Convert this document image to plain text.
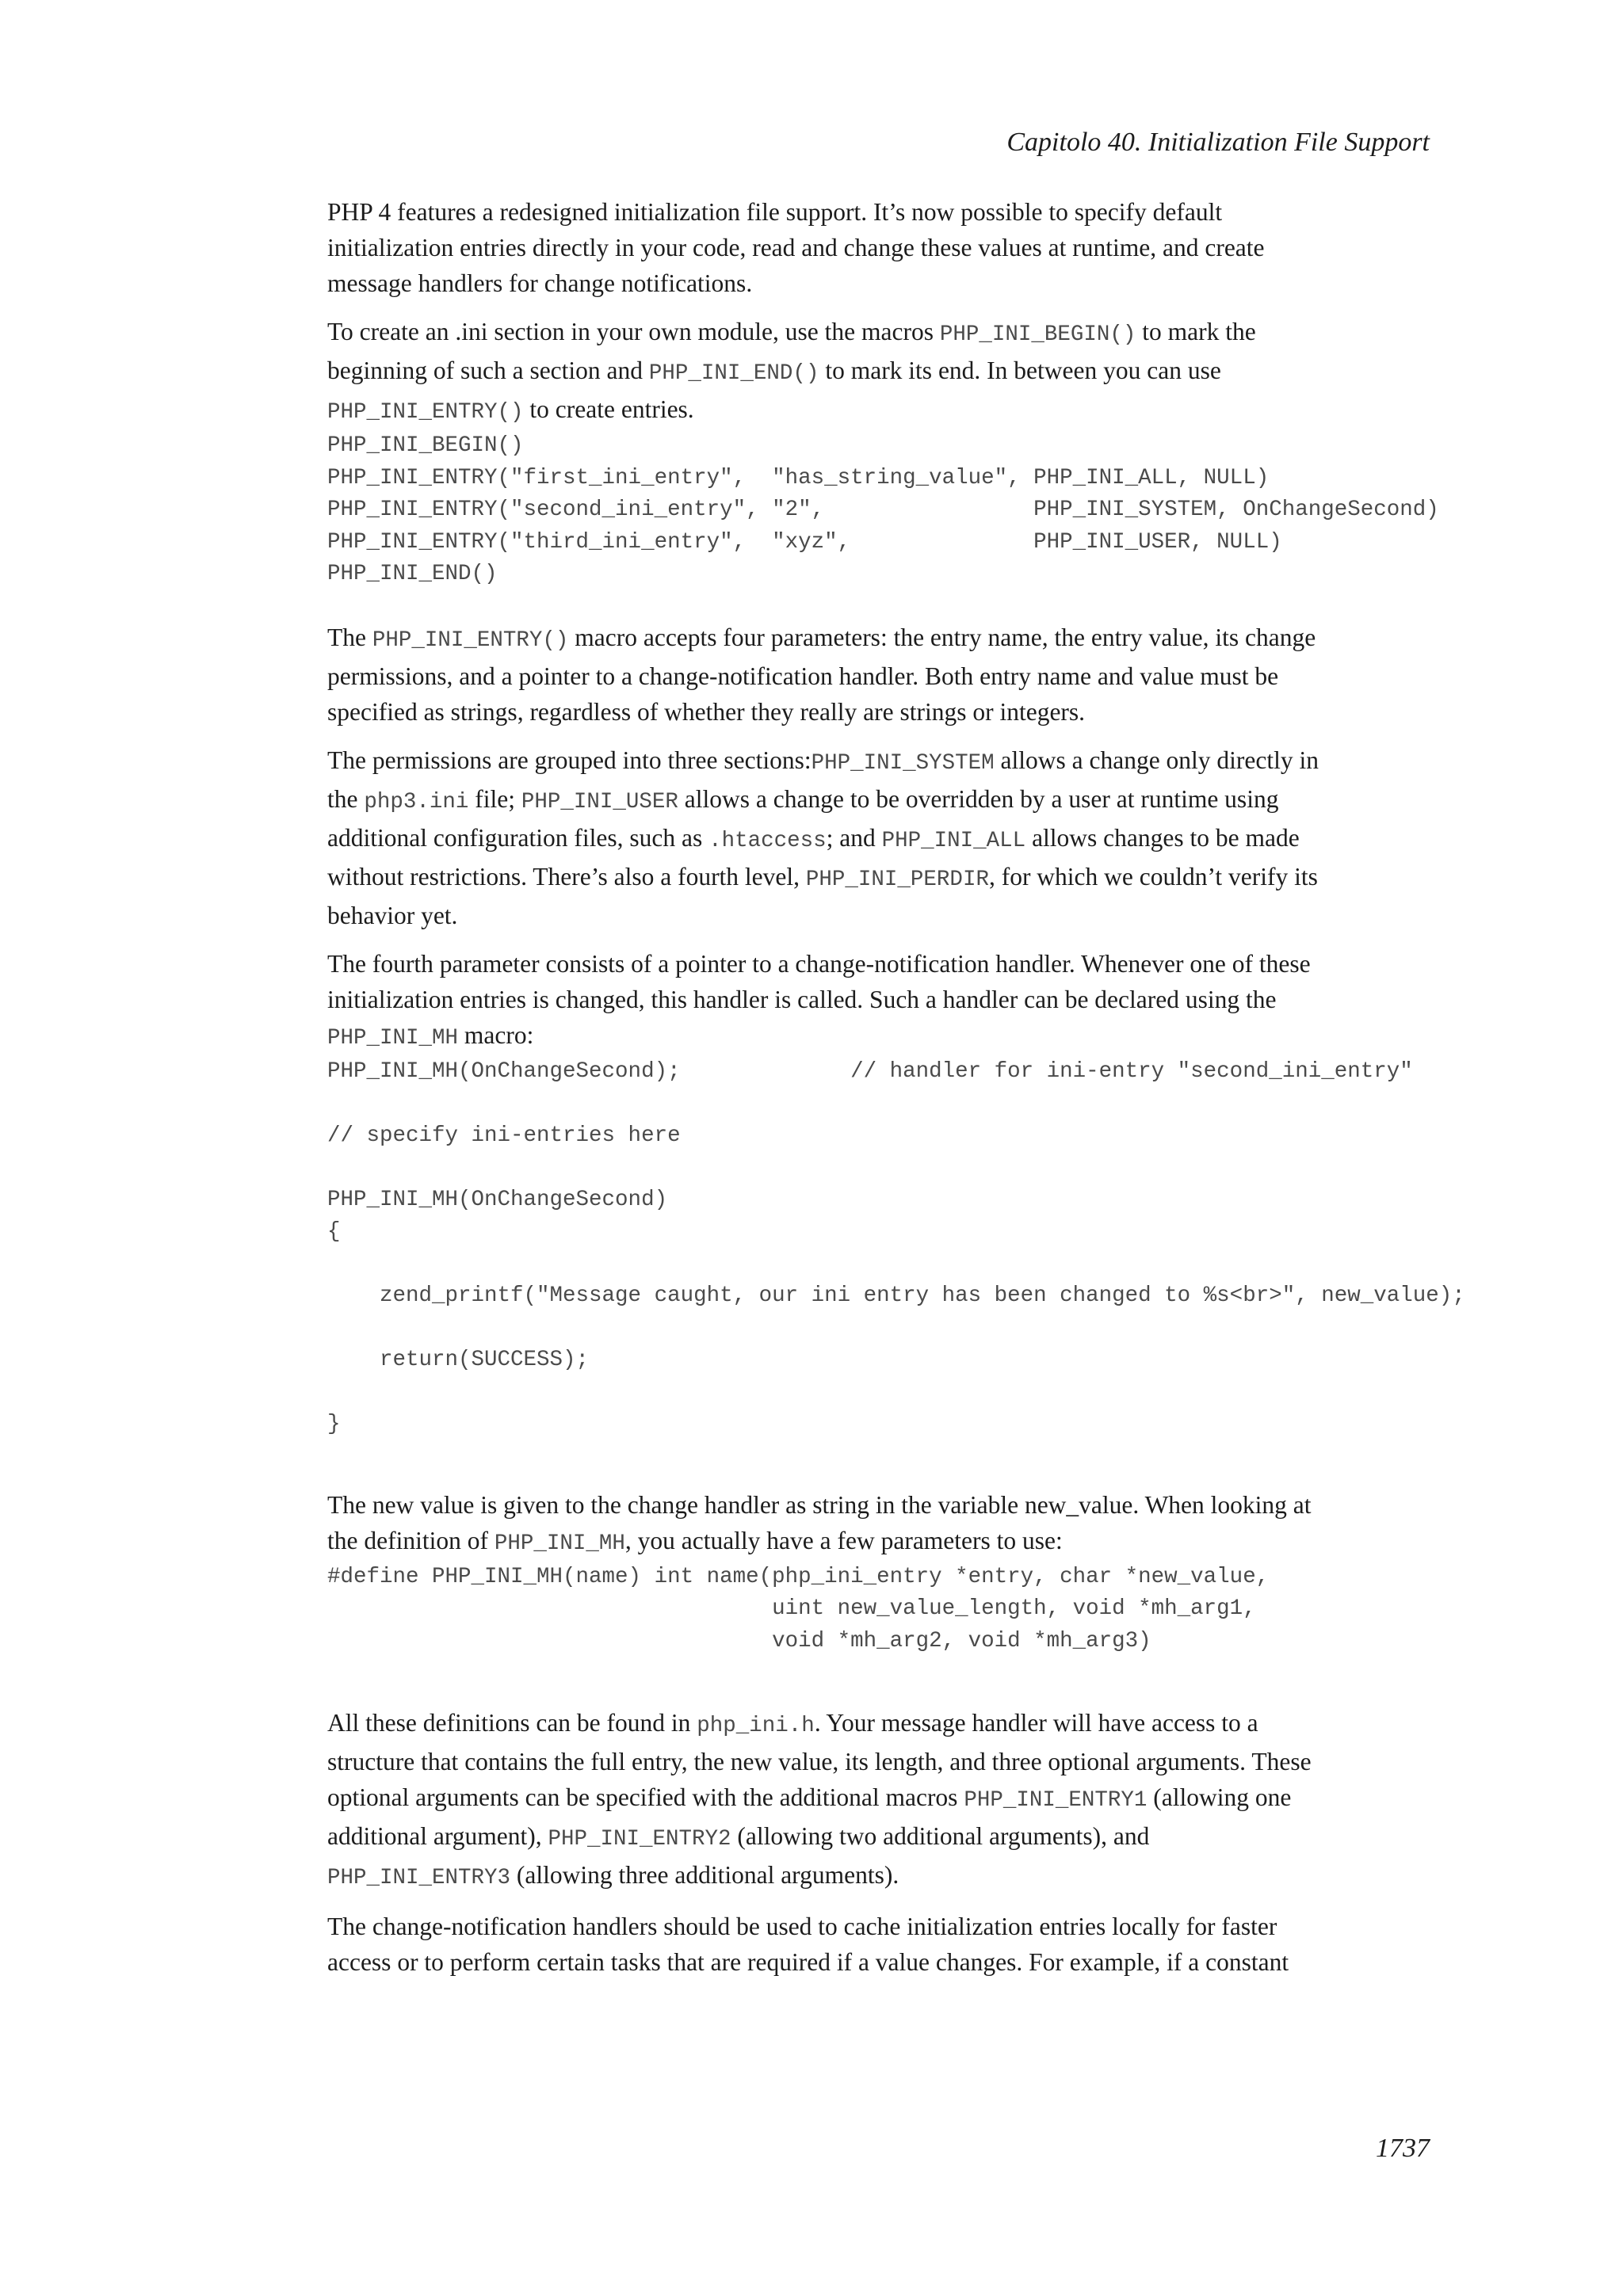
Capitolo 40. Initialization File Support

PHP 4 features a redesigned initialization file support. It’s now possible to specify default
initialization entries directly in your code, read and change these values at runtime, and create
message handlers for change notifications.

To create an .ini section in your own module, use the macros PHP_INI_BEGIN() to mark the
beginning of such a section and PHP_INI_END() to mark its end. In between you can use
PHP_INI_ENTRY() to create entries.

PHP_INI_BEGIN()
PHP_INI_ENTRY("first_ini_entry",  "has_string_value", PHP_INI_ALL, NULL)
PHP_INI_ENTRY("second_ini_entry", "2",                PHP_INI_SYSTEM, OnChangeSecond)
PHP_INI_ENTRY("third_ini_entry",  "xyz",              PHP_INI_USER, NULL)
PHP_INI_END()

The PHP_INI_ENTRY() macro accepts four parameters: the entry name, the entry value, its change
permissions, and a pointer to a change-notification handler. Both entry name and value must be
specified as strings, regardless of whether they really are strings or integers.

The permissions are grouped into three sections:PHP_INI_SYSTEM allows a change only directly in
the php3.ini file; PHP_INI_USER allows a change to be overridden by a user at runtime using
additional configuration files, such as .htaccess; and PHP_INI_ALL allows changes to be made
without restrictions. There’s also a fourth level, PHP_INI_PERDIR, for which we couldn’t verify its
behavior yet.

The fourth parameter consists of a pointer to a change-notification handler. Whenever one of these
initialization entries is changed, this handler is called. Such a handler can be declared using the
PHP_INI_MH macro:

PHP_INI_MH(OnChangeSecond);             // handler for ini-entry "second_ini_entry"

// specify ini-entries here

PHP_INI_MH(OnChangeSecond)
{

zend_printf("Message caught, our ini entry has been changed to %s<br>", new_value);

return(SUCCESS);

}

The new value is given to the change handler as string in the variable new_value. When looking at
the definition of PHP_INI_MH, you actually have a few parameters to use:

#define PHP_INI_MH(name) int name(php_ini_entry *entry, char *new_value,
uint new_value_length, void *mh_arg1,
void *mh_arg2, void *mh_arg3)

All these definitions can be found in php_ini.h. Your message handler will have access to a
structure that contains the full entry, the new value, its length, and three optional arguments. These
optional arguments can be specified with the additional macros PHP_INI_ENTRY1 (allowing one
additional argument), PHP_INI_ENTRY2 (allowing two additional arguments), and
PHP_INI_ENTRY3 (allowing three additional arguments).

The change-notification handlers should be used to cache initialization entries locally for faster
access or to perform certain tasks that are required if a value changes. For example, if a constant

1737
